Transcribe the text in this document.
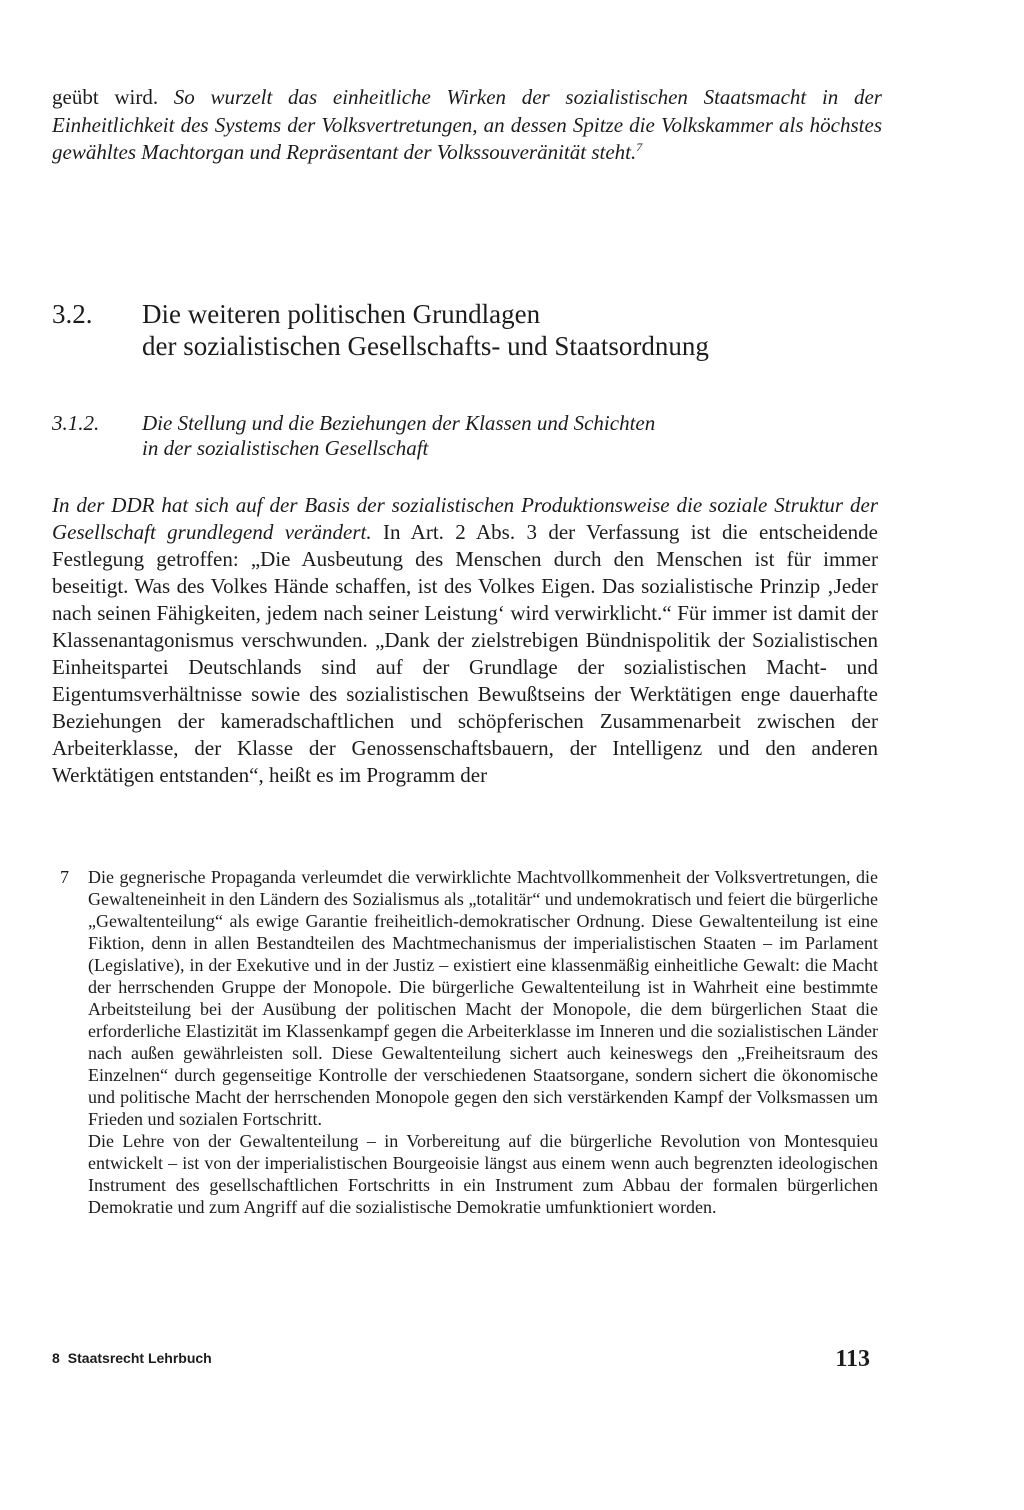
geübt wird. So wurzelt das einheitliche Wirken der sozialistischen Staatsmacht in der Einheitlichkeit des Systems der Volksvertretungen, an dessen Spitze die Volkskammer als höchstes gewähltes Machtorgan und Repräsentant der Volkssouveränität steht.$^7$
3.2. Die weiteren politischen Grundlagen
der sozialistischen Gesellschafts- und Staatsordnung
3.1.2. Die Stellung und die Beziehungen der Klassen und Schichten
in der sozialistischen Gesellschaft
In der DDR hat sich auf der Basis der sozialistischen Produktionsweise die soziale Struktur der Gesellschaft grundlegend verändert. In Art. 2 Abs. 3 der Verfassung ist die entscheidende Festlegung getroffen: „Die Ausbeutung des Menschen durch den Menschen ist für immer beseitigt. Was des Volkes Hände schaffen, ist des Volkes Eigen. Das sozialistische Prinzip ‚Jeder nach seinen Fähigkeiten, jedem nach seiner Leistung‘ wird verwirklicht.“ Für immer ist damit der Klassenantagonismus verschwunden. „Dank der zielstrebigen Bündnispolitik der Sozialistischen Einheitspartei Deutschlands sind auf der Grundlage der sozialistischen Macht- und Eigentumsverhältnisse sowie des sozialistischen Bewußtseins der Werktätigen enge dauerhafte Beziehungen der kameradschaftlichen und schöpferischen Zusammenarbeit zwischen der Arbeiterklasse, der Klasse der Genossenschaftsbauern, der Intelligenz und den anderen Werktätigen entstanden“, heißt es im Programm der
7 Die gegnerische Propaganda verleumdet die verwirklichte Machtvollkommenheit der Volksvertretungen, die Gewalteneinheit in den Ländern des Sozialismus als „totalitär“ und undemokratisch und feiert die bürgerliche „Gewaltenteilung“ als ewige Garantie freiheitlich-demokratischer Ordnung. Diese Gewaltenteilung ist eine Fiktion, denn in allen Bestandteilen des Machtmechanismus der imperialistischen Staaten – im Parlament (Legislative), in der Exekutive und in der Justiz – existiert eine klassenmäßig einheitliche Gewalt: die Macht der herrschenden Gruppe der Monopole. Die bürgerliche Gewaltenteilung ist in Wahrheit eine bestimmte Arbeitsteilung bei der Ausübung der politischen Macht der Monopole, die dem bürgerlichen Staat die erforderliche Elastizität im Klassenkampf gegen die Arbeiterklasse im Inneren und die sozialistischen Länder nach außen gewährleisten soll. Diese Gewaltenteilung sichert auch keineswegs den „Freiheitsraum des Einzelnen“ durch gegenseitige Kontrolle der verschiedenen Staatsorgane, sondern sichert die ökonomische und politische Macht der herrschenden Monopole gegen den sich verstärkenden Kampf der Volksmassen um Frieden und sozialen Fortschritt.

Die Lehre von der Gewaltenteilung – in Vorbereitung auf die bürgerliche Revolution von Montesquieu entwickelt – ist von der imperialistischen Bourgeoisie längst aus einem wenn auch begrenzten ideologischen Instrument des gesellschaftlichen Fortschritts in ein Instrument zum Abbau der formalen bürgerlichen Demokratie und zum Angriff auf die sozialistische Demokratie umfunktioniert worden.

8 Staatsrecht Lehrbuch	113
